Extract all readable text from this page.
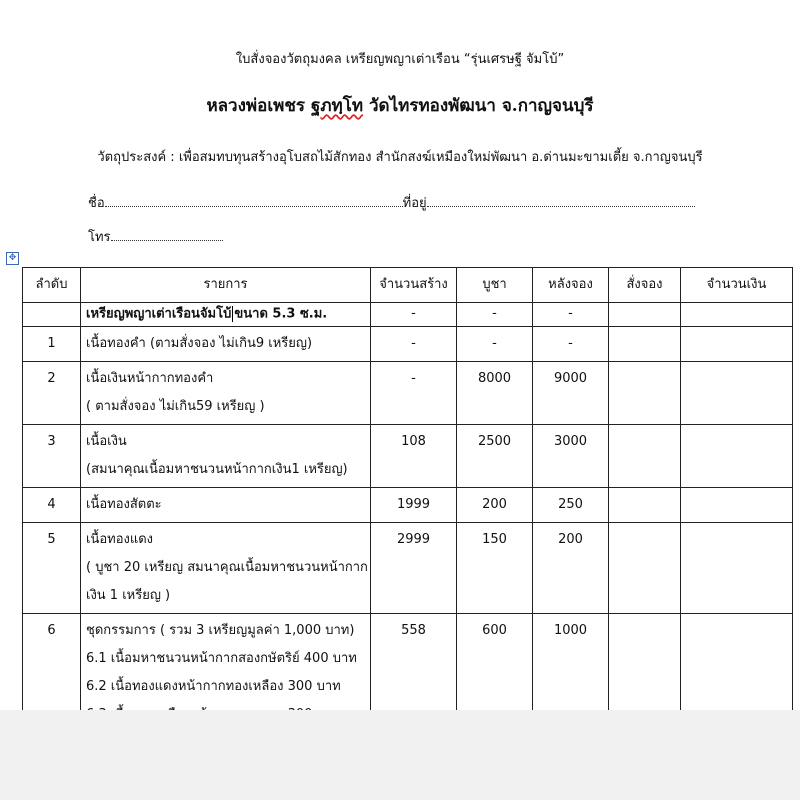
ใบสั่งจองวัตถุมงคล เหรียญพญาเต่าเรือน “รุ่นเศรษฐี จัมโบ้”
หลวงพ่อเพชร ฐภทฺโท วัดไทรทองพัฒนา จ.กาญจนบุรี
วัตถุประสงค์ : เพื่อสมทบทุนสร้างอุโบสถไม้สักทอง สำนักสงฆ์เหมืองใหม่พัฒนา อ.ด่านมะขามเตี้ย จ.กาญจนบุรี
ชื่อ	ที่อยู่
โทร
✥
ลำดับ	รายการ	จำนวนสร้าง	บูชา	หลังจอง	สั่งจอง	จำนวนเงิน

	เหรียญพญาเต่าเรือนจัมโบ้ ขนาด 5.3 ซ.ม.	-	-	-		
1	เนื้อทองคำ (ตามสั่งจอง ไม่เกิน9 เหรียญ)	-	-	-		
2	เนื้อเงินหน้ากากทองคำ
( ตามสั่งจอง ไม่เกิน59 เหรียญ )	-	8000	9000		
3	เนื้อเงิน
(สมนาคุณเนื้อมหาชนวนหน้ากากเงิน1 เหรียญ)	108	2500	3000		
4	เนื้อทองสัตตะ	1999	200	250		
5	เนื้อทองแดง
( บูชา 20 เหรียญ สมนาคุณเนื้อมหาชนวนหน้ากาก
เงิน 1 เหรียญ )	2999	150	200		
6	ชุดกรรมการ ( รวม 3 เหรียญมูลค่า 1,000 บาท)
6.1 เนื้อมหาชนวนหน้ากากสองกษัตริย์ 400 บาท
6.2 เนื้อทองแดงหน้ากากทองเหลือง 300 บาท	558	600	1000		
